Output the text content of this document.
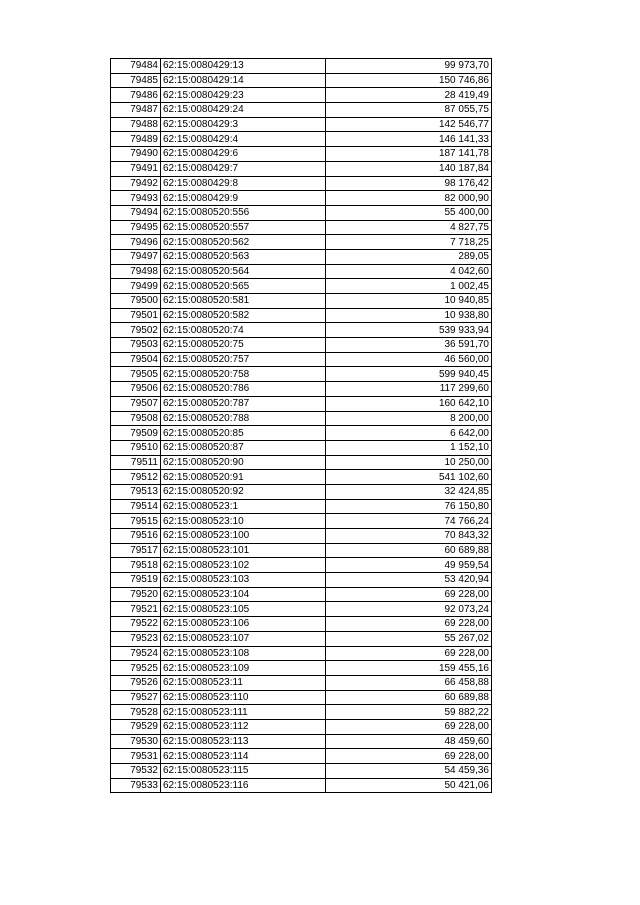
79484	62:15:0080429:13	99 973,70
79485	62:15:0080429:14	150 746,86
79486	62:15:0080429:23	28 419,49
79487	62:15:0080429:24	87 055,75
79488	62:15:0080429:3	142 546,77
79489	62:15:0080429:4	146 141,33
79490	62:15:0080429:6	187 141,78
79491	62:15:0080429:7	140 187,84
79492	62:15:0080429:8	98 176,42
79493	62:15:0080429:9	82 000,90
79494	62:15:0080520:556	55 400,00
79495	62:15:0080520:557	4 827,75
79496	62:15:0080520:562	7 718,25
79497	62:15:0080520:563	289,05
79498	62:15:0080520:564	4 042,60
79499	62:15:0080520:565	1 002,45
79500	62:15:0080520:581	10 940,85
79501	62:15:0080520:582	10 938,80
79502	62:15:0080520:74	539 933,94
79503	62:15:0080520:75	36 591,70
79504	62:15:0080520:757	46 560,00
79505	62:15:0080520:758	599 940,45
79506	62:15:0080520:786	117 299,60
79507	62:15:0080520:787	160 642,10
79508	62:15:0080520:788	8 200,00
79509	62:15:0080520:85	6 642,00
79510	62:15:0080520:87	1 152,10
79511	62:15:0080520:90	10 250,00
79512	62:15:0080520:91	541 102,60
79513	62:15:0080520:92	32 424,85
79514	62:15:0080523:1	76 150,80
79515	62:15:0080523:10	74 766,24
79516	62:15:0080523:100	70 843,32
79517	62:15:0080523:101	60 689,88
79518	62:15:0080523:102	49 959,54
79519	62:15:0080523:103	53 420,94
79520	62:15:0080523:104	69 228,00
79521	62:15:0080523:105	92 073,24
79522	62:15:0080523:106	69 228,00
79523	62:15:0080523:107	55 267,02
79524	62:15:0080523:108	69 228,00
79525	62:15:0080523:109	159 455,16
79526	62:15:0080523:11	66 458,88
79527	62:15:0080523:110	60 689,88
79528	62:15:0080523:111	59 882,22
79529	62:15:0080523:112	69 228,00
79530	62:15:0080523:113	48 459,60
79531	62:15:0080523:114	69 228,00
79532	62:15:0080523:115	54 459,36
79533	62:15:0080523:116	50 421,06
